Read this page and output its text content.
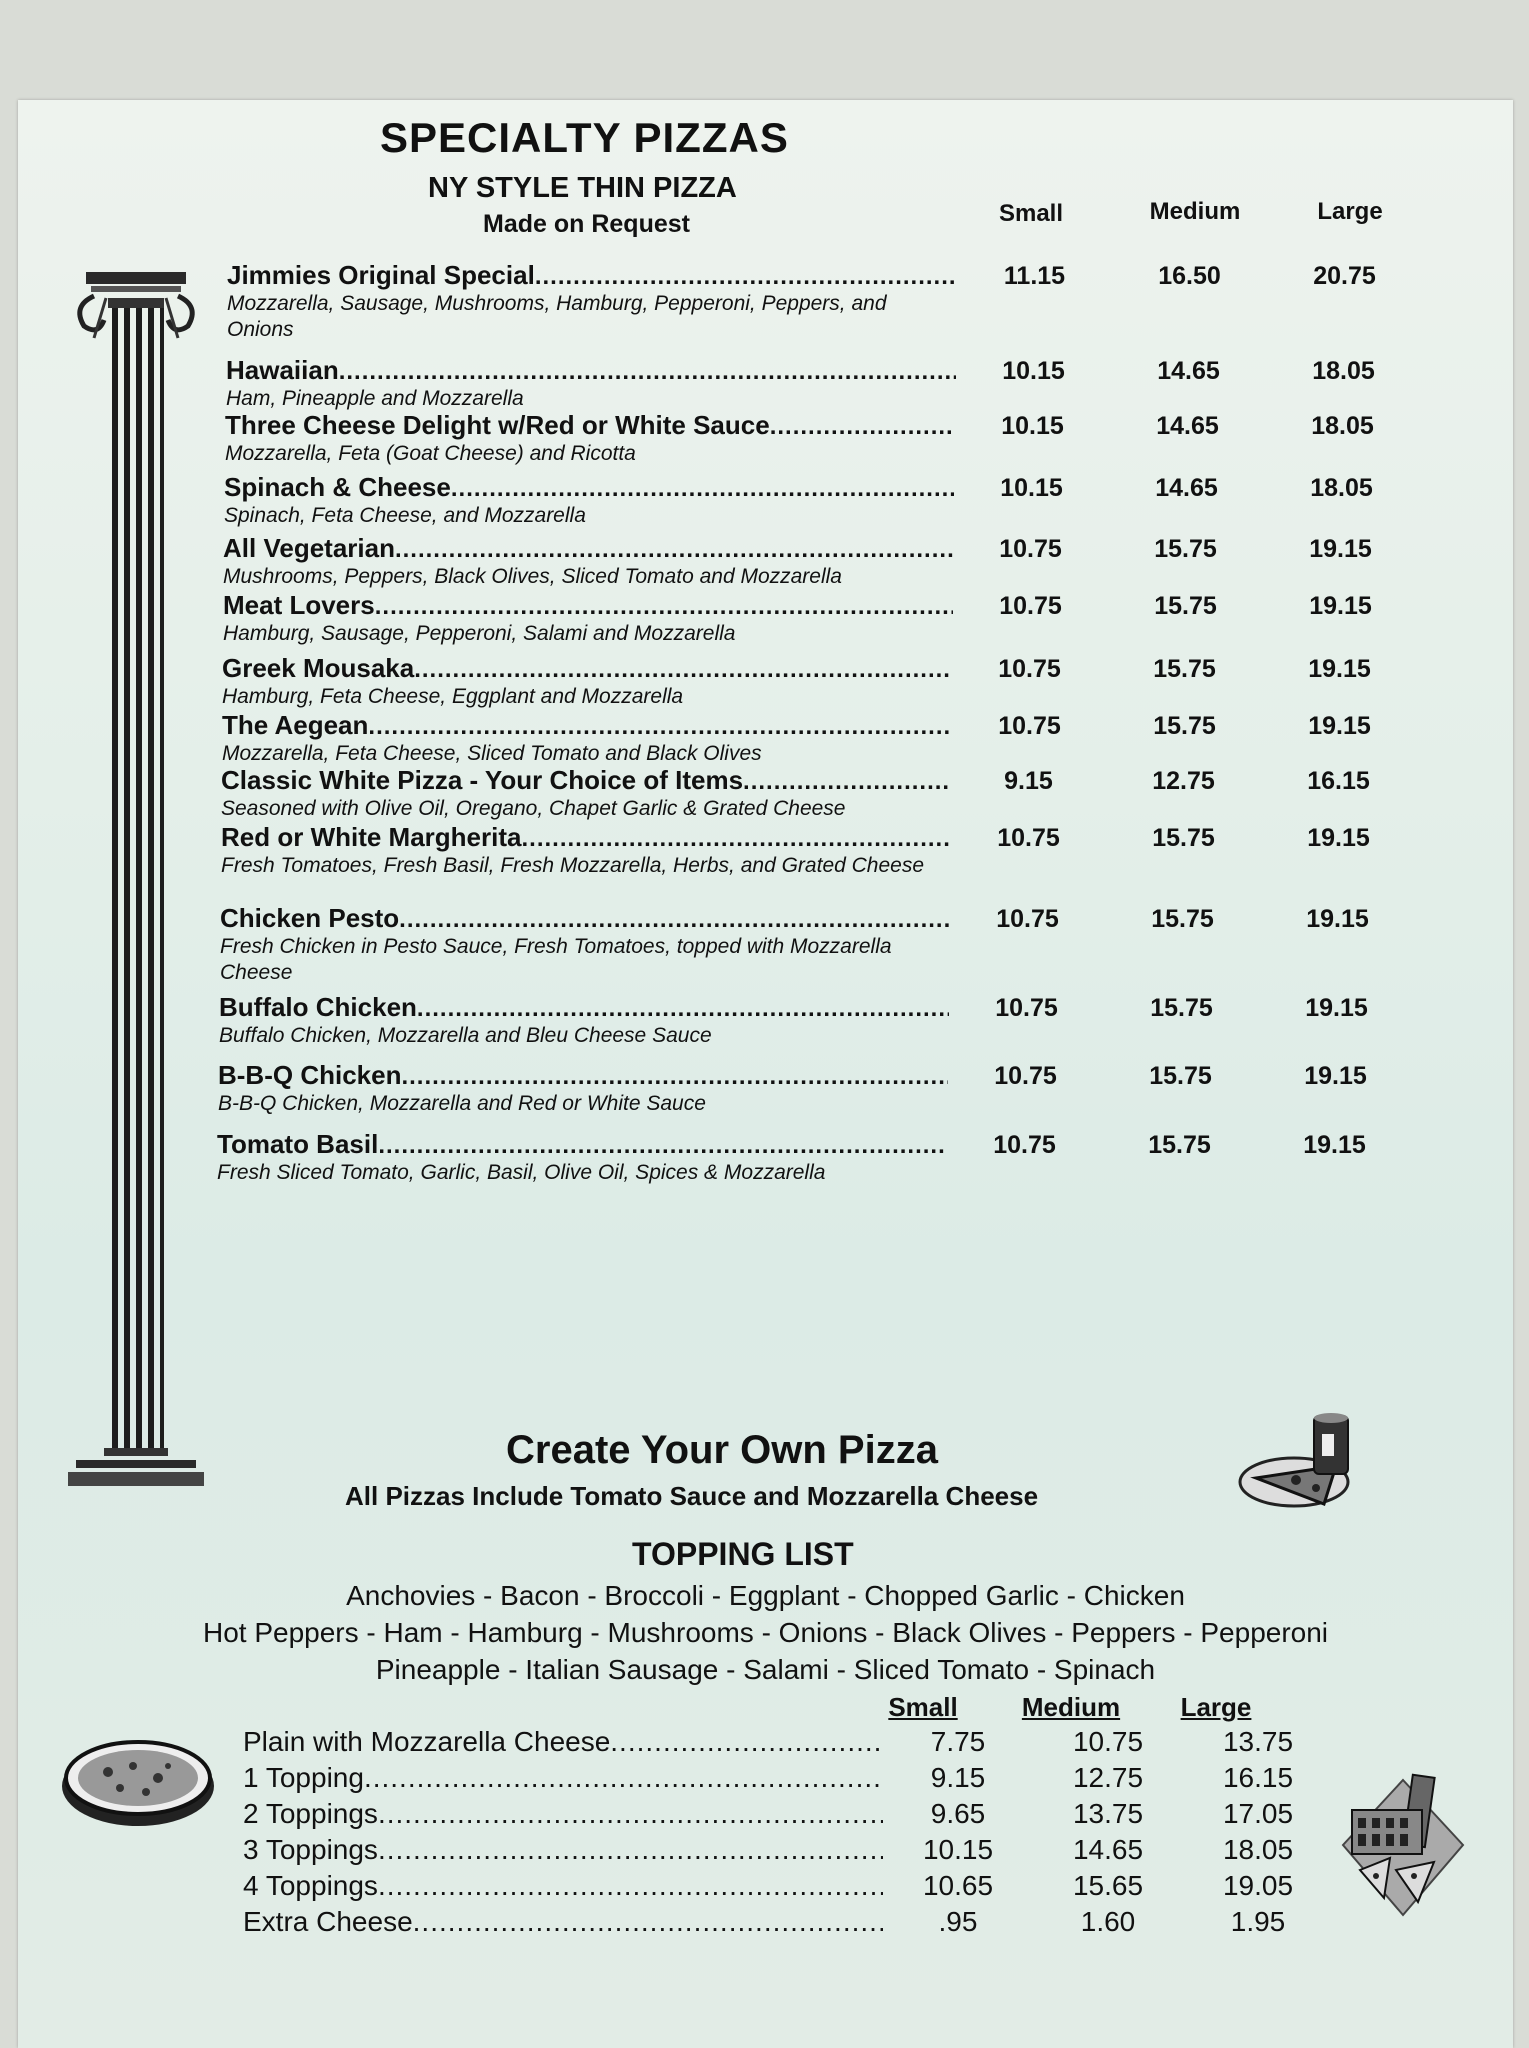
SPECIALTY PIZZAS
NY STYLE THIN PIZZA
Made on Request	Small	Medium	Large
Jimmies Original Special .....	11.15	16.50	20.75
Mozzarella, Sausage, Mushrooms, Hamburg, Pepperoni, Peppers, and Onions
Hawaiian .....	10.15	14.65	18.05
Ham, Pineapple and Mozzarella
Three Cheese Delight w/Red or White Sauce .....	10.15	14.65	18.05
Mozzarella, Feta (Goat Cheese) and Ricotta
Spinach & Cheese .....	10.15	14.65	18.05
Spinach, Feta Cheese, and Mozzarella
All Vegetarian .....	10.75	15.75	19.15
Mushrooms, Peppers, Black Olives, Sliced Tomato and Mozzarella
Meat Lovers .....	10.75	15.75	19.15
Hamburg, Sausage, Pepperoni, Salami and Mozzarella
Greek Mousaka .....	10.75	15.75	19.15
Hamburg, Feta Cheese, Eggplant and Mozzarella
The Aegean .....	10.75	15.75	19.15
Mozzarella, Feta Cheese, Sliced Tomato and Black Olives
Classic White Pizza - Your Choice of Items .....	9.15	12.75	16.15
Seasoned with Olive Oil, Oregano, Chapet Garlic & Grated Cheese
Red or White Margherita .....	10.75	15.75	19.15
Fresh Tomatoes, Fresh Basil, Fresh Mozzarella, Herbs, and Grated Cheese
Chicken Pesto .....	10.75	15.75	19.15
Fresh Chicken in Pesto Sauce, Fresh Tomatoes, topped with Mozzarella Cheese
Buffalo Chicken .....	10.75	15.75	19.15
Buffalo Chicken, Mozzarella and Bleu Cheese Sauce
B-B-Q Chicken .....	10.75	15.75	19.15
B-B-Q Chicken, Mozzarella and Red or White Sauce
Tomato Basil .....	10.75	15.75	19.15
Fresh Sliced Tomato, Garlic, Basil, Olive Oil, Spices & Mozzarella
Create Your Own Pizza
All Pizzas Include Tomato Sauce and Mozzarella Cheese
TOPPING LIST
Anchovies - Bacon - Broccoli - Eggplant - Chopped Garlic - Chicken
Hot Peppers - Ham - Hamburg - Mushrooms - Onions - Black Olives - Peppers - Pepperoni
Pineapple - Italian Sausage - Salami - Sliced Tomato - Spinach
Small	Medium	Large
Plain with Mozzarella Cheese .....	7.75	10.75	13.75
1 Topping .....	9.15	12.75	16.15
2 Toppings .....	9.65	13.75	17.05
3 Toppings .....	10.15	14.65	18.05
4 Toppings .....	10.65	15.65	19.05
Extra Cheese .....	.95	1.60	1.95
